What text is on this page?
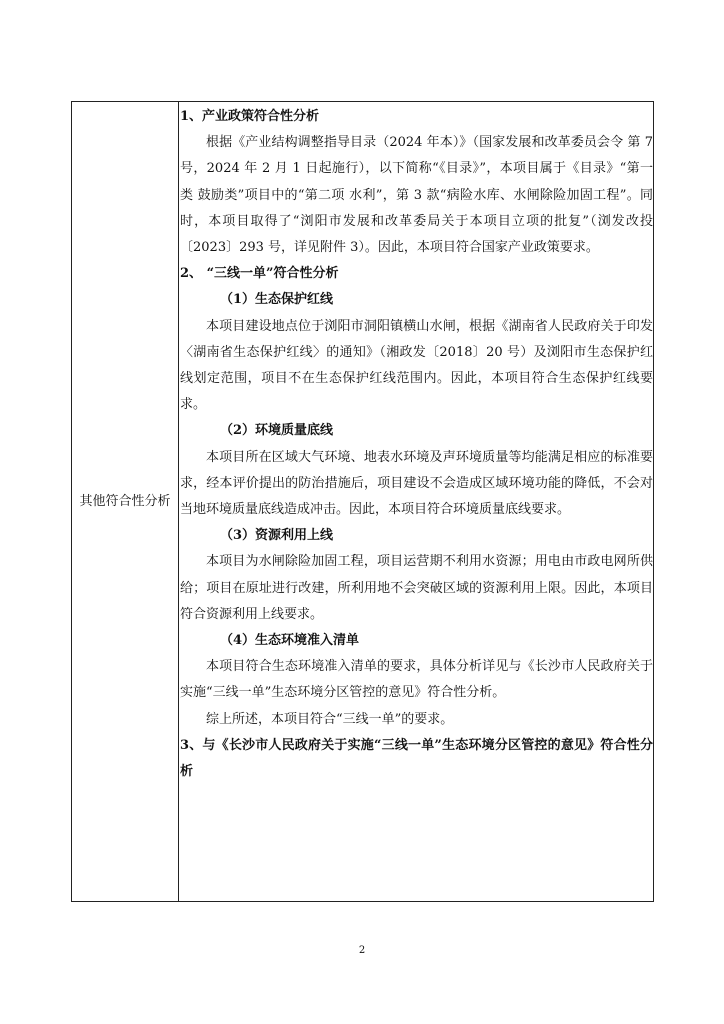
其他符合性分析

1、产业政策符合性分析

根据《产业结构调整指导目录（2024 年本）》（国家发展和改革委员会令 第 7 号，2024 年 2 月 1 日起施行），以下简称“《目录》”，本项目属于《目录》“第一类 鼓励类”项目中的“第二项 水利”，第 3 款“病险水库、水闸除险加固工程”。同时，本项目取得了“浏阳市发展和改革委局关于本项目立项的批复”（浏发改投〔2023〕293 号，详见附件 3）。因此，本项目符合国家产业政策要求。

2、 “三线一单”符合性分析

（1）生态保护红线

本项目建设地点位于浏阳市洞阳镇横山水闸，根据《湖南省人民政府关于印发〈湖南省生态保护红线〉的通知》（湘政发〔2018〕20 号）及浏阳市生态保护红线划定范围，项目不在生态保护红线范围内。因此，本项目符合生态保护红线要求。

（2）环境质量底线

本项目所在区域大气环境、地表水环境及声环境质量等均能满足相应的标准要求，经本评价提出的防治措施后，项目建设不会造成区域环境功能的降低，不会对当地环境质量底线造成冲击。因此，本项目符合环境质量底线要求。

（3）资源利用上线

本项目为水闸除险加固工程，项目运营期不利用水资源；用电由市政电网所供给；项目在原址进行改建，所利用地不会突破区域的资源利用上限。因此，本项目符合资源利用上线要求。

（4）生态环境准入清单

本项目符合生态环境准入清单的要求，具体分析详见与《长沙市人民政府关于实施“三线一单”生态环境分区管控的意见》符合性分析。

综上所述，本项目符合“三线一单”的要求。

3、与《长沙市人民政府关于实施“三线一单”生态环境分区管控的意见》符合性分析

2
